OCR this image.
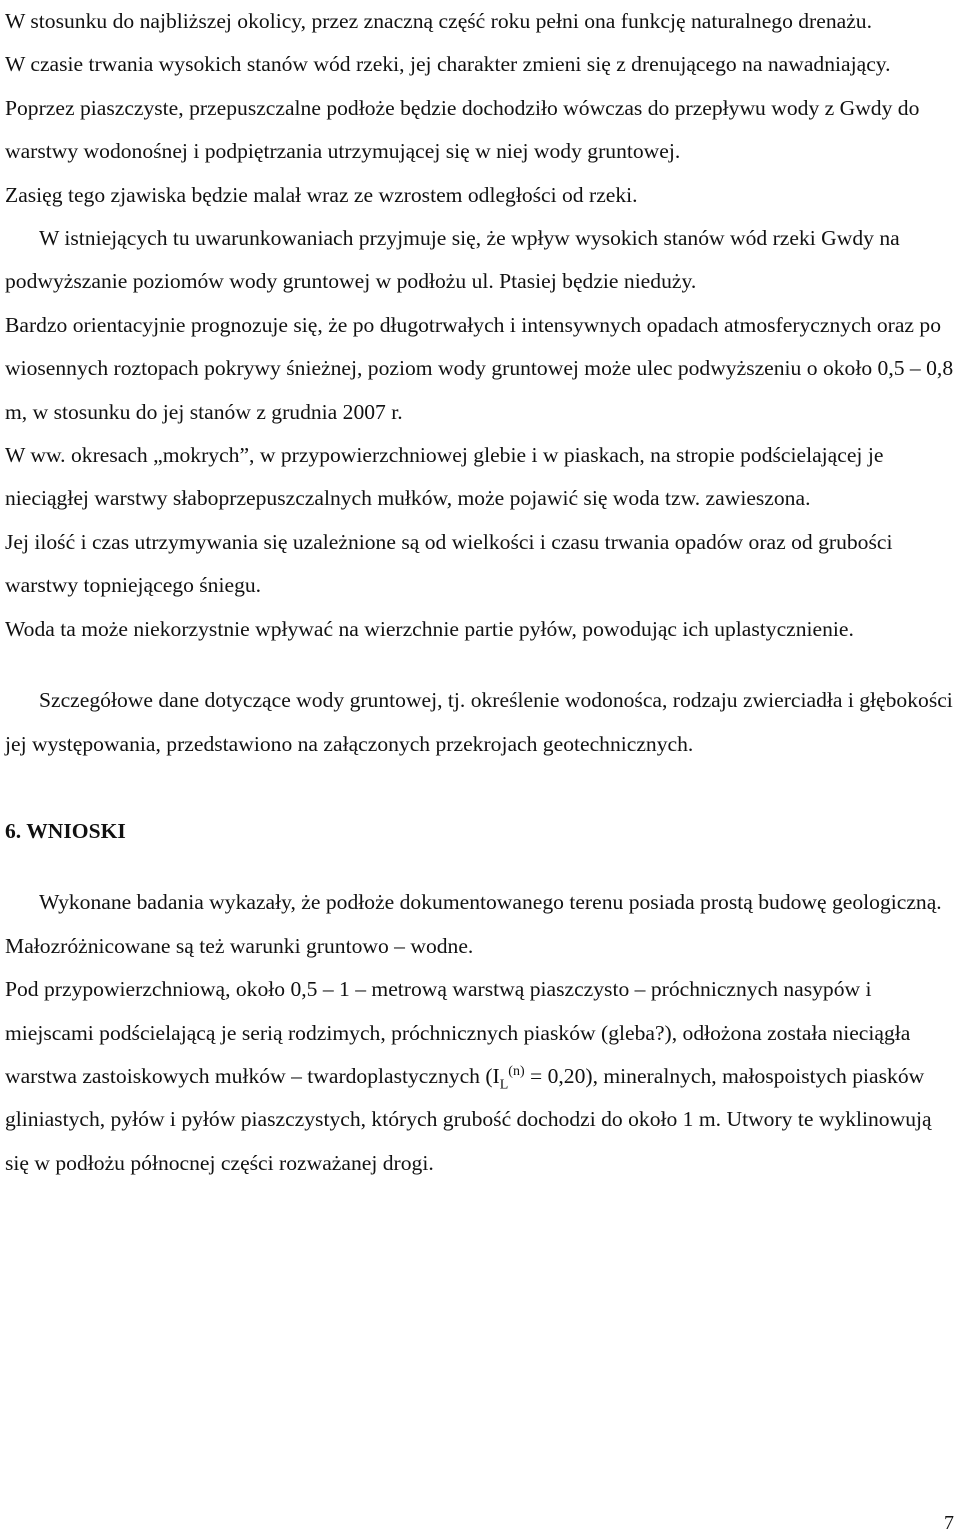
W stosunku do najbliższej okolicy, przez znaczną część roku pełni ona funkcję naturalnego drenażu.

W czasie trwania wysokich stanów wód rzeki, jej charakter zmieni się z drenującego na nawadniający.

Poprzez piaszczyste, przepuszczalne podłoże będzie dochodziło wówczas do przepływu wody z Gwdy do warstwy wodonośnej i podpiętrzania utrzymującej się w niej wody gruntowej.

Zasięg tego zjawiska będzie malał wraz ze wzrostem odległości od rzeki.

W istniejących tu uwarunkowaniach przyjmuje się, że wpływ wysokich stanów wód rzeki Gwdy na podwyższanie poziomów wody gruntowej w podłożu ul. Ptasiej będzie nieduży.

Bardzo orientacyjnie prognozuje się, że po długotrwałych i intensywnych opadach atmosferycznych oraz po wiosennych roztopach pokrywy śnieżnej, poziom wody gruntowej może ulec podwyższeniu o około 0,5 – 0,8 m, w stosunku do jej stanów z grudnia 2007 r.

W ww. okresach „mokrych”, w przypowierzchniowej glebie i w piaskach, na stropie podścielającej je nieciągłej warstwy słaboprzepuszczalnych mułków, może pojawić się woda tzw. zawieszona.

Jej ilość i czas utrzymywania się uzależnione są od wielkości i czasu trwania opadów oraz od grubości warstwy topniejącego śniegu.

Woda ta może niekorzystnie wpływać na wierzchnie partie pyłów, powodując ich uplastycznienie.

Szczegółowe dane dotyczące wody gruntowej, tj. określenie wodonośca, rodzaju zwierciadła i głębokości jej występowania, przedstawiono na załączonych przekrojach geotechnicznych.

6. WNIOSKI

Wykonane badania wykazały, że podłoże dokumentowanego terenu posiada prostą budowę geologiczną. Małozróżnicowane są też warunki gruntowo – wodne.

Pod przypowierzchniową, około 0,5 – 1 – metrową warstwą piaszczysto – próchnicznych nasypów i miejscami podścielającą je serią rodzimych, próchnicznych piasków (gleba?), odłożona została nieciągła warstwa zastoiskowych mułków – twardoplastycznych $(I_L^{(n)} = 0,20)$, mineralnych, małospoistych piasków gliniastych, pyłów i pyłów piaszczystych, których grubość dochodzi do około 1 m. Utwory te wyklinowują się w podłożu północnej części rozważanej drogi.

7
